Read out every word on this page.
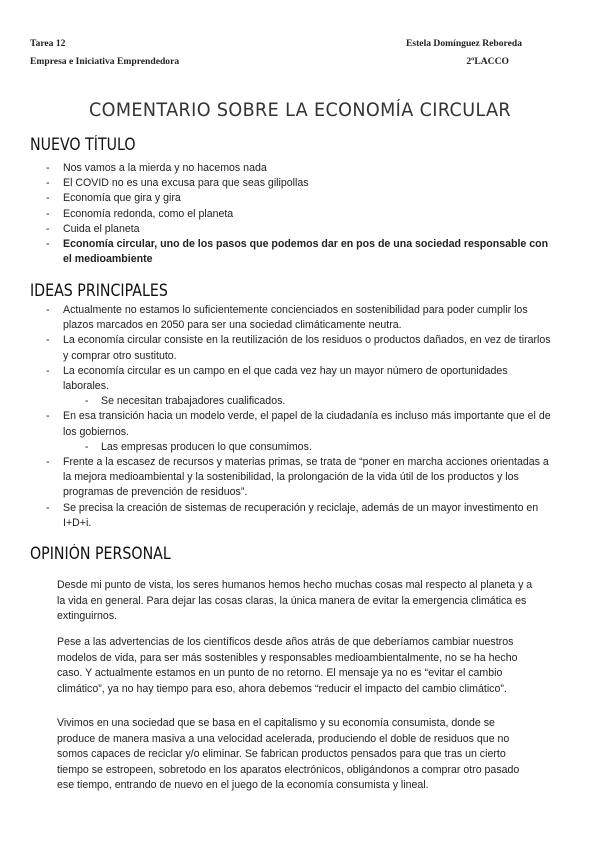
Tarea 12
Empresa e Iniciativa Emprendedora
Estela Domínguez Reboreda
2ºLACCO
COMENTARIO SOBRE LA ECONOMÍA CIRCULAR
NUEVO TÍTULO
- Nos vamos a la mierda y no hacemos nada
- El COVID no es una excusa para que seas gilipollas
- Economía que gira y gira
- Economía redonda, como el planeta
- Cuida el planeta
- Economía circular, uno de los pasos que podemos dar en pos de una sociedad responsable con el medioambiente
IDEAS PRINCIPALES
- Actualmente no estamos lo suficientemente concienciados en sostenibilidad para poder cumplir los plazos marcados en 2050 para ser una sociedad climáticamente neutra.
- La economía circular consiste en la reutilización de los residuos o productos dañados, en vez de tirarlos y comprar otro sustituto.
- La economía circular es un campo en el que cada vez hay un mayor número de oportunidades laborales.
- Se necesitan trabajadores cualificados.
- En esa transición hacia un modelo verde, el papel de la ciudadanía es incluso más importante que el de los gobiernos.
- Las empresas producen lo que consumimos.
- Frente a la escasez de recursos y materias primas, se trata de “poner en marcha acciones orientadas a la mejora medioambiental y la sostenibilidad, la prolongación de la vida útil de los productos y los programas de prevención de residuos”.
- Se precisa la creación de sistemas de recuperación y reciclaje, además de un mayor investimento en I+D+i.
OPINIÓN PERSONAL

Desde mi punto de vista, los seres humanos hemos hecho muchas cosas mal respecto al planeta y a la vida en general. Para dejar las cosas claras, la única manera de evitar la emergencia climática es extinguirnos.

Pese a las advertencias de los científicos desde años atrás de que deberíamos cambiar nuestros modelos de vida, para ser más sostenibles y responsables medioambientalmente, no se ha hecho caso. Y actualmente estamos en un punto de no retorno. El mensaje ya no es “evitar el cambio climático”, ya no hay tiempo para eso, ahora debemos “reducir el impacto del cambio climático”.

Vivimos en una sociedad que se basa en el capitalismo y su economía consumista, donde se produce de manera masiva a una velocidad acelerada, produciendo el doble de residuos que no somos capaces de reciclar y/o eliminar. Se fabrican productos pensados para que tras un cierto tiempo se estropeen, sobretodo en los aparatos electrónicos, obligándonos a comprar otro pasado ese tiempo, entrando de nuevo en el juego de la economía consumista y lineal.
